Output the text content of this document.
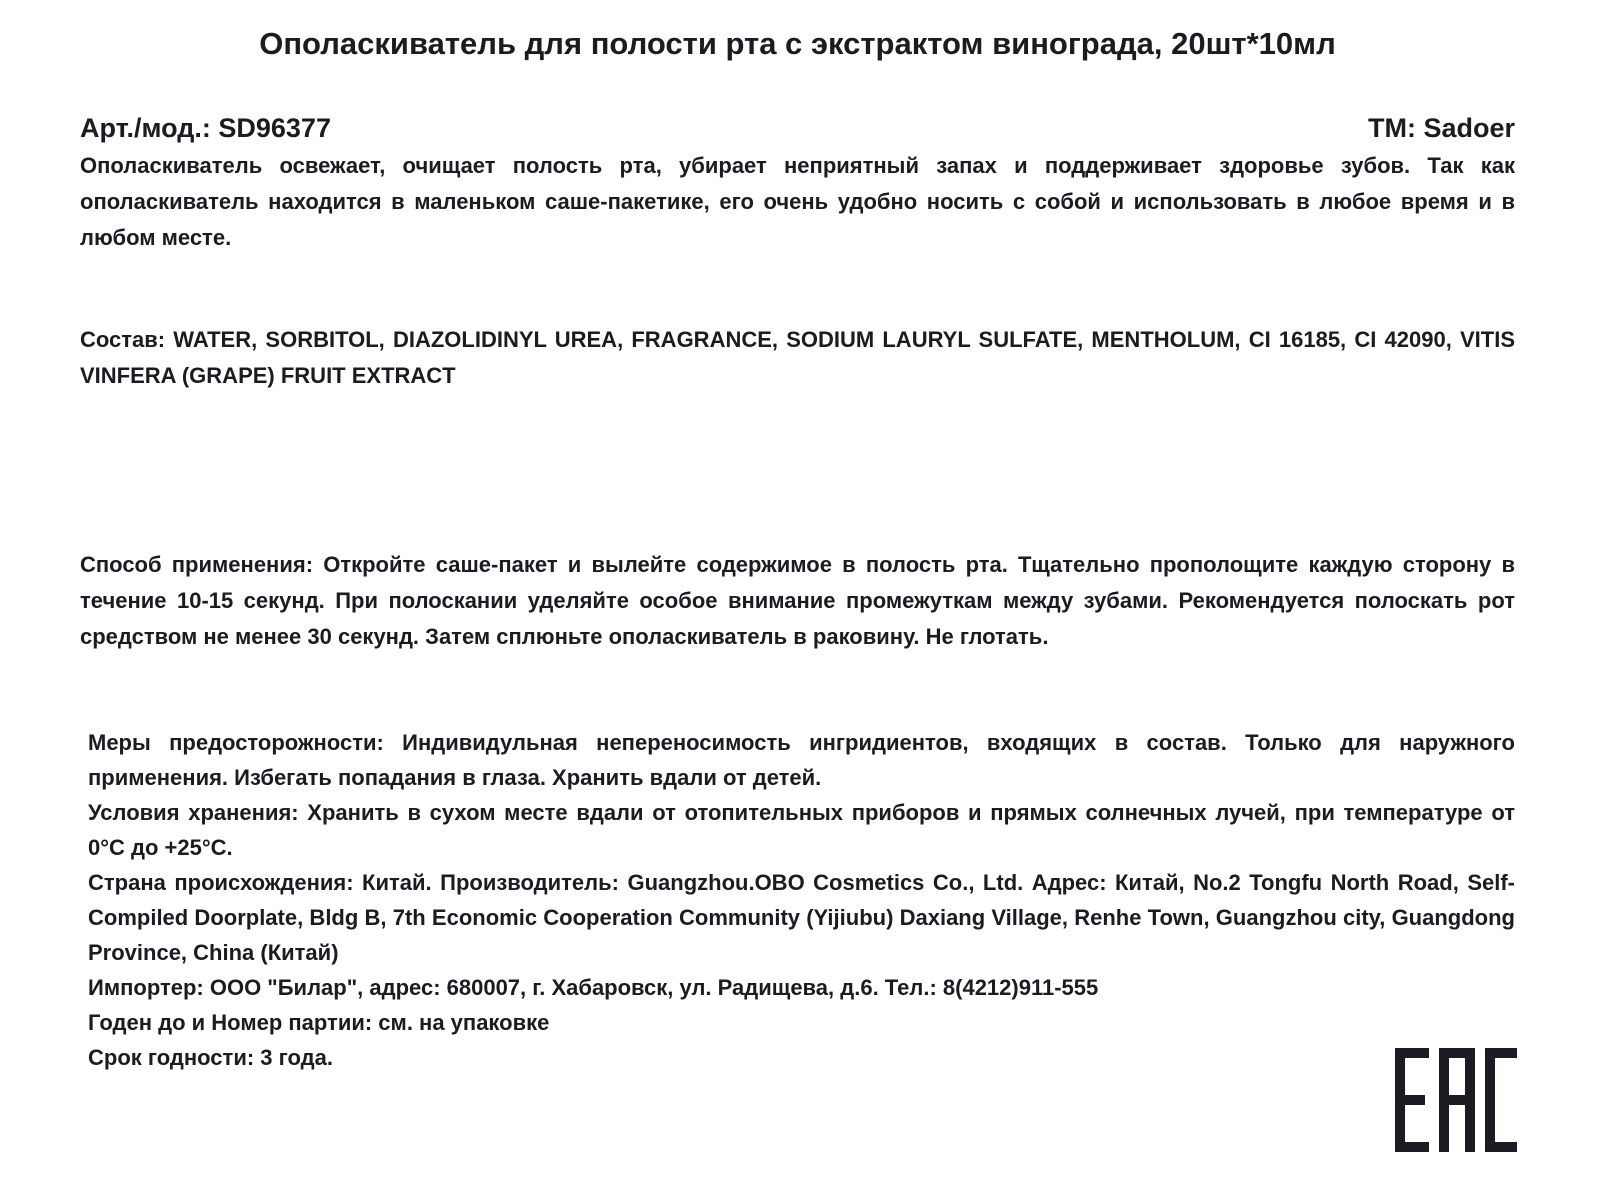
Ополаскиватель для полости рта с экстрактом винограда, 20шт*10мл
Арт./мод.: SD96377	TM: Sadoer

Ополаскиватель освежает, очищает полость рта, убирает неприятный запах и поддерживает здоровье зубов. Так как ополаскиватель находится в маленьком саше-пакетике, его очень удобно носить с собой и использовать в любое время и в любом месте.

Состав: WATER, SORBITOL, DIAZOLIDINYL UREA, FRAGRANCE, SODIUM LAURYL SULFATE, MENTHOLUM, CI 16185, CI 42090, VITIS VINFERA (GRAPE) FRUIT EXTRACT

Способ применения: Откройте саше-пакет и вылейте содержимое в полость рта. Тщательно прополощите каждую сторону в течение 10-15 секунд. При полоскании уделяйте особое внимание промежуткам между зубами. Рекомендуется полоскать рот средством не менее 30 секунд. Затем сплюньте ополаскиватель в раковину. Не глотать.

Меры предосторожности: Индивидульная непереносимость ингридиентов, входящих в состав. Только для наружного применения. Избегать попадания в глаза. Хранить вдали от детей.

Условия хранения: Хранить в сухом месте вдали от отопительных приборов и прямых солнечных лучей, при температуре от 0°С до +25°С.

Страна происхождения: Китай. Производитель: Guangzhou.OBO Cosmetics Co., Ltd. Адрес: Китай, No.2 Tongfu North Road, Self-Compiled Doorplate, Bldg B, 7th Economic Cooperation Community (Yijiubu) Daxiang Village, Renhe Town, Guangzhou city, Guangdong Province, China (Китай)

Импортер: ООО "Билар", адрес: 680007, г. Хабаровск, ул. Радищева, д.6. Тел.: 8(4212)911-555

Годен до и Номер партии: см. на упаковке

Срок годности: 3 года.
